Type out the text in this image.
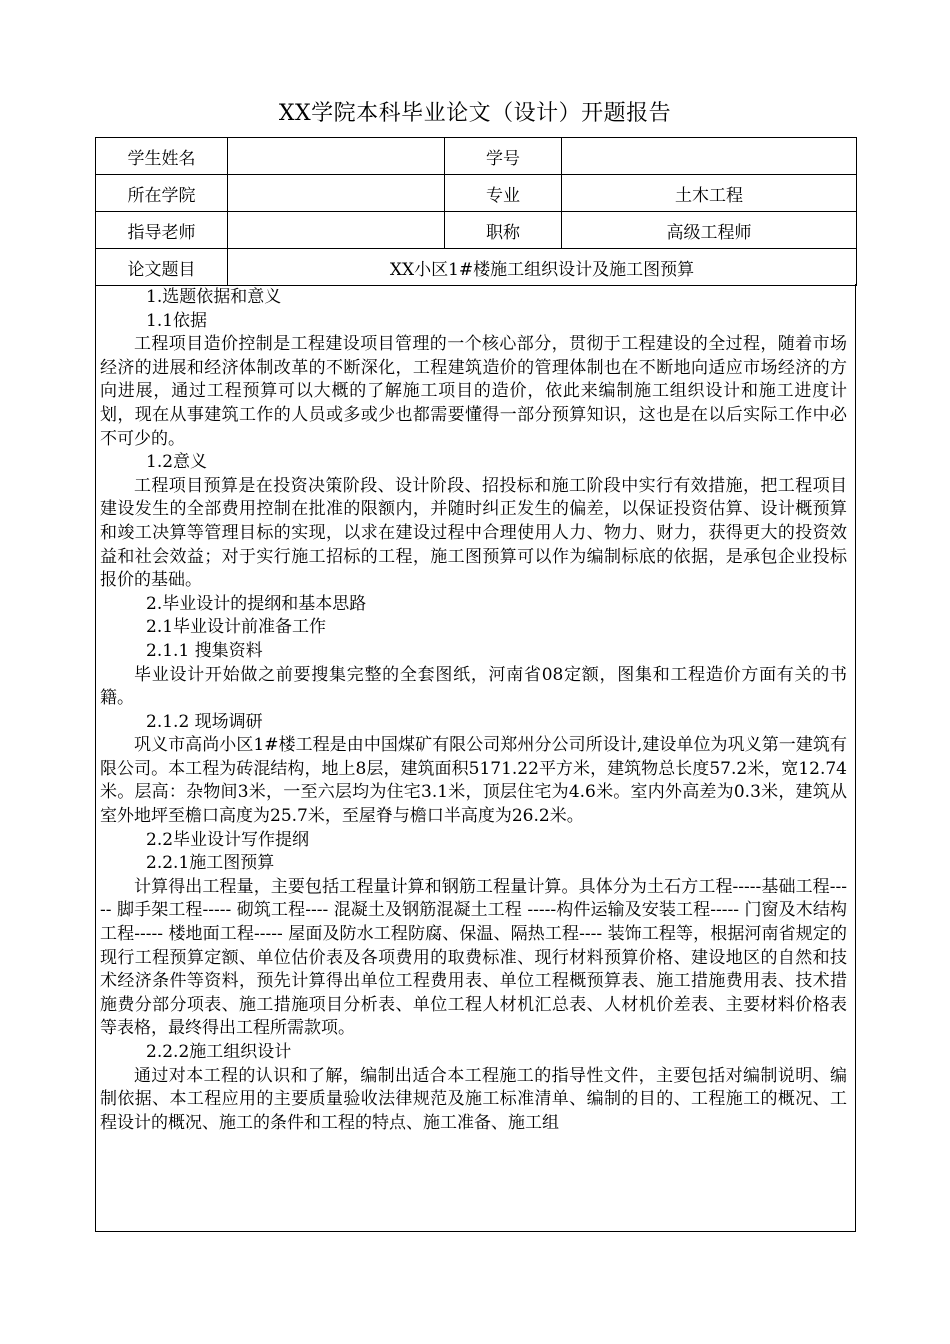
XX学院本科毕业论文（设计）开题报告
学生姓名		学号	
所在学院		专业	土木工程
指导老师		职称	高级工程师
论文题目	XX小区1#楼施工组织设计及施工图预算		
1.选题依据和意义
1.1依据
工程项目造价控制是工程建设项目管理的一个核心部分，贯彻于工程建设的全过程，随着市场经济的进展和经济体制改革的不断深化，工程建筑造价的管理体制也在不断地向适应市场经济的方向进展，通过工程预算可以大概的了解施工项目的造价，依此来编制施工组织设计和施工进度计划，现在从事建筑工作的人员或多或少也都需要懂得一部分预算知识，这也是在以后实际工作中必不可少的。
1.2意义
工程项目预算是在投资决策阶段、设计阶段、招投标和施工阶段中实行有效措施，把工程项目建设发生的全部费用控制在批准的限额内，并随时纠正发生的偏差，以保证投资估算、设计概预算和竣工决算等管理目标的实现，以求在建设过程中合理使用人力、物力、财力，获得更大的投资效益和社会效益；对于实行施工招标的工程，施工图预算可以作为编制标底的依据，是承包企业投标报价的基础。
2.毕业设计的提纲和基本思路
2.1毕业设计前准备工作
2.1.1 搜集资料
毕业设计开始做之前要搜集完整的全套图纸，河南省08定额，图集和工程造价方面有关的书籍。
2.1.2 现场调研
巩义市高尚小区1#楼工程是由中国煤矿有限公司郑州分公司所设计,建设单位为巩义第一建筑有限公司。本工程为砖混结构，地上8层，建筑面积5171.22平方米，建筑物总长度57.2米，宽12.74米。层高：杂物间3米，一至六层均为住宅3.1米，顶层住宅为4.6米。室内外高差为0.3米，建筑从室外地坪至檐口高度为25.7米，至屋脊与檐口半高度为26.2米。
2.2毕业设计写作提纲
2.2.1施工图预算
计算得出工程量，主要包括工程量计算和钢筋工程量计算。具体分为土石方工程-----基础工程----- 脚手架工程----- 砌筑工程---- 混凝土及钢筋混凝土工程 -----构件运输及安装工程----- 门窗及木结构工程----- 楼地面工程----- 屋面及防水工程防腐、保温、隔热工程---- 装饰工程等，根据河南省规定的现行工程预算定额、单位估价表及各项费用的取费标准、现行材料预算价格、建设地区的自然和技术经济条件等资料，预先计算得出单位工程费用表、单位工程概预算表、施工措施费用表、技术措施费分部分项表、施工措施项目分析表、单位工程人材机汇总表、人材机价差表、主要材料价格表等表格，最终得出工程所需款项。
2.2.2施工组织设计
通过对本工程的认识和了解，编制出适合本工程施工的指导性文件，主要包括对编制说明、编制依据、本工程应用的主要质量验收法律规范及施工标准清单、编制的目的、工程施工的概况、工程设计的概况、施工的条件和工程的特点、施工准备、施工组
